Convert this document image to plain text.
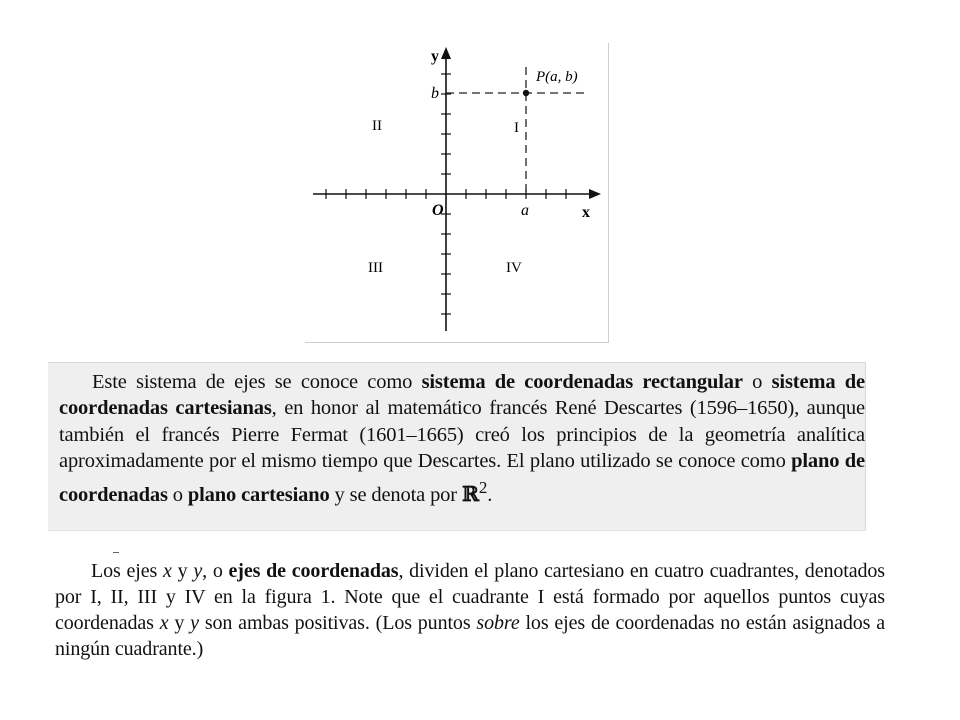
y
x
O
P(a, b)
b
a
I
II
III	IV

Este sistema de ejes se conoce como sistema de coordenadas rectangular o sistema de coordenadas cartesianas, en honor al matemático francés René Descartes (1596–1650), aunque también el francés Pierre Fermat (1601–1665) creó los principios de la geometría analítica aproximadamente por el mismo tiempo que Descartes. El plano utilizado se conoce como plano de coordenadas o plano cartesiano y se denota por ℝ$^2$.

Los ejes x y y, o ejes de coordenadas, dividen el plano cartesiano en cuatro cuadrantes, denotados por I, II, III y IV en la figura 1. Note que el cuadrante I está formado por aquellos puntos cuyas coordenadas x y y son ambas positivas. (Los puntos sobre los ejes de coordenadas no están asignados a ningún cuadrante.)
